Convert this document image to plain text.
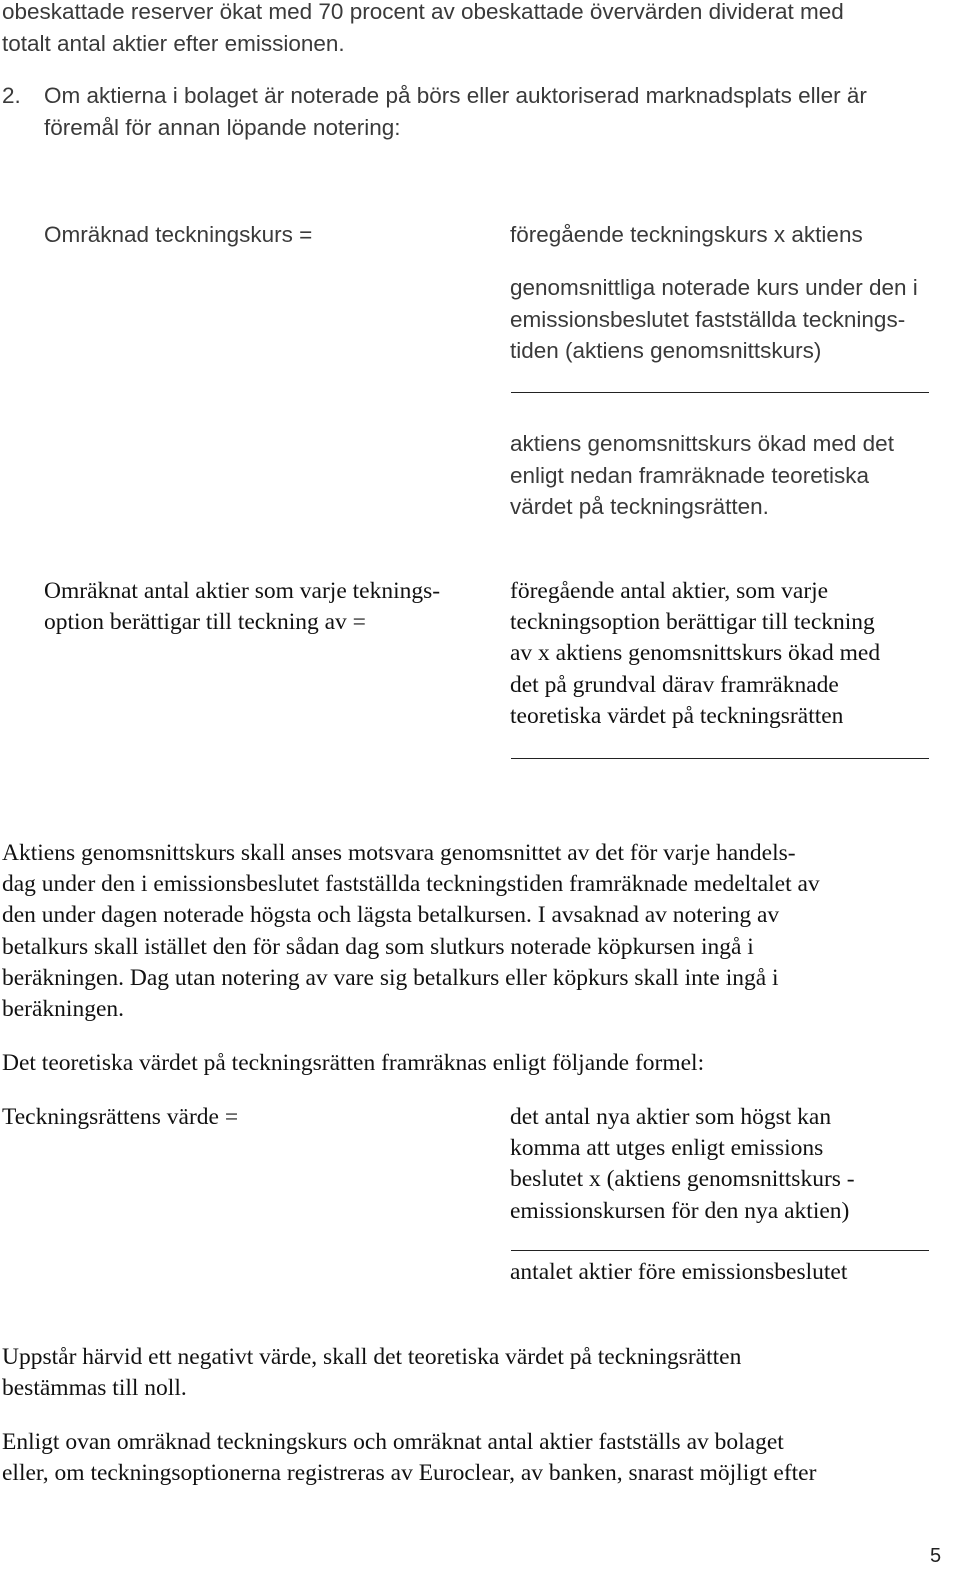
obeskattade reserver ökat med 70 procent av obeskattade övervärden dividerat med
totalt antal aktier efter emissionen.
2. Om aktierna i bolaget är noterade på börs eller auktoriserad marknadsplats eller är
föremål för annan löpande notering:
Omräknad teckningskurs =	föregående teckningskurs x aktiens
genomsnittliga noterade kurs under den i
emissionsbeslutet fastställda tecknings-
tiden (aktiens genomsnittskurs)
aktiens genomsnittskurs ökad med det
enligt nedan framräknade teoretiska
värdet på teckningsrätten.
Omräknat antal aktier som varje teknings-
option berättigar till teckning av =
föregående antal aktier, som varje
teckningsoption berättigar till teckning
av x aktiens genomsnittskurs ökad med
det på grundval därav framräknade
teoretiska värdet på teckningsrätten
Aktiens genomsnittskurs skall anses motsvara genomsnittet av det för varje handels-
dag under den i emissionsbeslutet fastställda teckningstiden framräknade medeltalet av
den under dagen noterade högsta och lägsta betalkursen. I avsaknad av notering av
betalkurs skall istället den för sådan dag som slutkurs noterade köpkursen ingå i
beräkningen. Dag utan notering av vare sig betalkurs eller köpkurs skall inte ingå i
beräkningen.
Det teoretiska värdet på teckningsrätten framräknas enligt följande formel:
Teckningsrättens värde =	det antal nya aktier som högst kan
komma att utges enligt emissions
beslutet x (aktiens genomsnittskurs -
emissionskursen för den nya aktien)
antalet aktier före emissionsbeslutet
Uppstår härvid ett negativt värde, skall det teoretiska värdet på teckningsrätten
bestämmas till noll.
Enligt ovan omräknad teckningskurs och omräknat antal aktier fastställs av bolaget
eller, om teckningsoptionerna registreras av Euroclear, av banken, snarast möjligt efter
5
